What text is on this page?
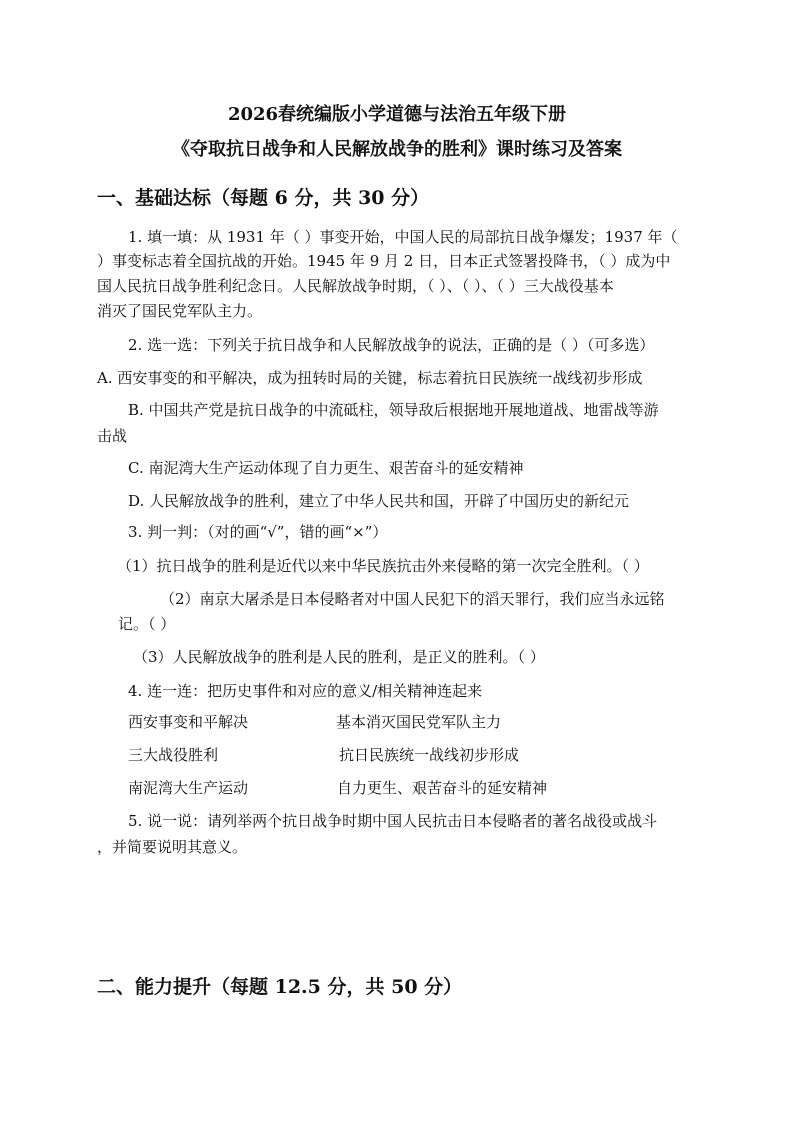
2026春统编版小学道德与法治五年级下册
《夺取抗日战争和人民解放战争的胜利》课时练习及答案
一、基础达标（每题 6 分，共 30 分）
1. 填一填：从 1931 年（ ）事变开始，中国人民的局部抗日战争爆发；1937 年（
）事变标志着全国抗战的开始。1945 年 9 月 2 日，日本正式签署投降书，（ ）成为中
国人民抗日战争胜利纪念日。人民解放战争时期，（ ）、（ ）、（ ）三大战役基本
消灭了国民党军队主力。
2. 选一选：下列关于抗日战争和人民解放战争的说法，正确的是（ ）（可多选）
A. 西安事变的和平解决，成为扭转时局的关键，标志着抗日民族统一战线初步形成
B. 中国共产党是抗日战争的中流砥柱，领导敌后根据地开展地道战、地雷战等游
击战
C. 南泥湾大生产运动体现了自力更生、艰苦奋斗的延安精神
D. 人民解放战争的胜利，建立了中华人民共和国，开辟了中国历史的新纪元
3. 判一判：（对的画“√”，错的画“×”）
（1）抗日战争的胜利是近代以来中华民族抗击外来侵略的第一次完全胜利。（ ）
（2）南京大屠杀是日本侵略者对中国人民犯下的滔天罪行，我们应当永远铭
记。（ ）
（3）人民解放战争的胜利是人民的胜利，是正义的胜利。（ ）
4. 连一连：把历史事件和对应的意义/相关精神连起来
西安事变和平解决	基本消灭国民党军队主力
三大战役胜利	抗日民族统一战线初步形成
南泥湾大生产运动	自力更生、艰苦奋斗的延安精神
5. 说一说：请列举两个抗日战争时期中国人民抗击日本侵略者的著名战役或战斗
，并简要说明其意义。
二、能力提升（每题 12.5 分，共 50 分）
